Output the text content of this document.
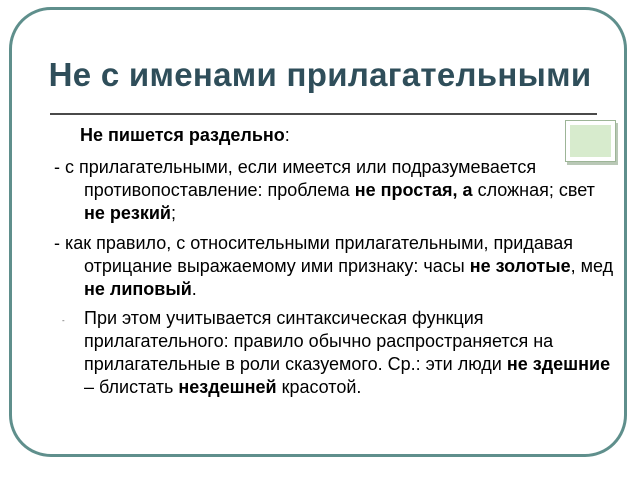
Не с именами прилагательными
Не пишется раздельно:
- с прилагательными, если имеется или подразумевается противопоставление: проблема не простая, а сложная; свет не резкий;
- как правило, с относительными прилагательными, придавая отрицание выражаемому ими признаку: часы не золотые, мед не липовый.
- При этом учитывается синтаксическая функция прилагательного: правило обычно распространяется на прилагательные в роли сказуемого. Ср.: эти люди не здешние – блистать нездешней красотой.
